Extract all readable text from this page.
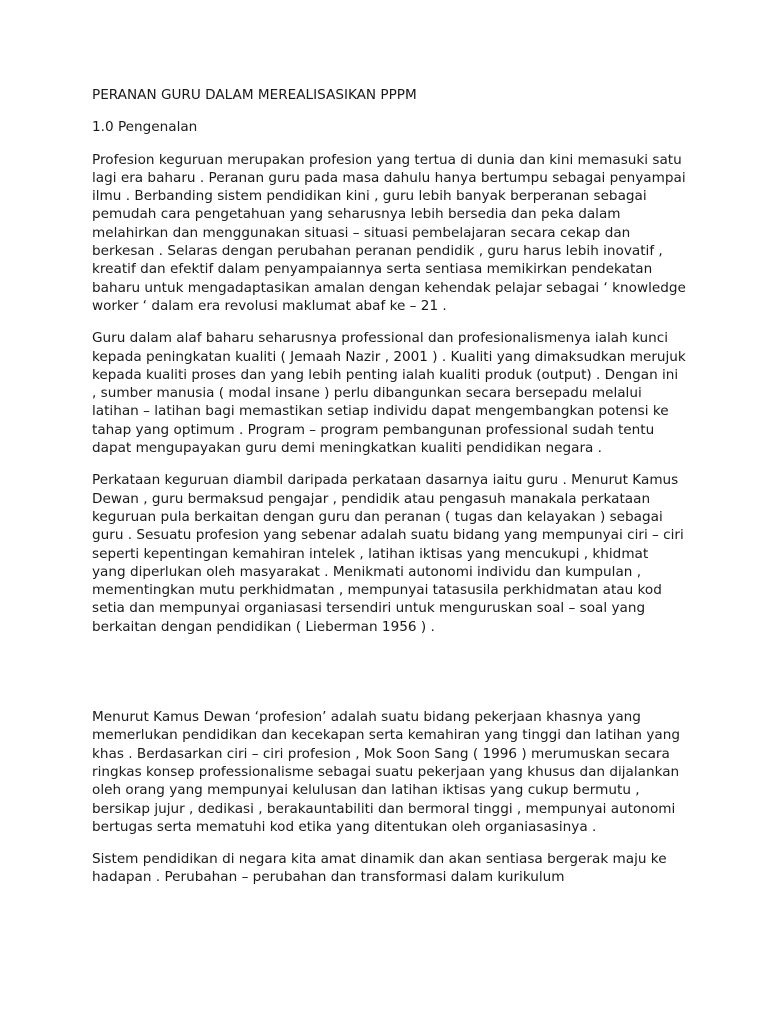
PERANAN GURU DALAM MEREALISASIKAN PPPM

1.0 Pengenalan

Profesion keguruan merupakan profesion yang tertua di dunia dan kini memasuki satu lagi era baharu . Peranan guru pada masa dahulu hanya bertumpu sebagai penyampai ilmu . Berbanding sistem pendidikan kini , guru lebih banyak berperanan sebagai pemudah cara pengetahuan yang seharusnya lebih bersedia dan peka dalam melahirkan dan menggunakan situasi – situasi pembelajaran secara cekap dan berkesan . Selaras dengan perubahan peranan pendidik , guru harus lebih inovatif , kreatif dan efektif dalam penyampaiannya serta sentiasa memikirkan pendekatan baharu untuk mengadaptasikan amalan dengan kehendak pelajar sebagai ‘ knowledge worker ‘ dalam era revolusi maklumat abaf ke – 21 .

Guru dalam alaf baharu seharusnya professional dan profesionalismenya ialah kunci kepada peningkatan kualiti ( Jemaah Nazir , 2001 ) . Kualiti yang dimaksudkan merujuk kepada kualiti proses dan yang lebih penting ialah kualiti produk (output) . Dengan ini , sumber manusia ( modal insane ) perlu dibangunkan secara bersepadu melalui latihan – latihan bagi memastikan setiap individu dapat mengembangkan potensi ke tahap yang optimum . Program – program pembangunan professional sudah tentu dapat mengupayakan guru demi meningkatkan kualiti pendidikan negara .

Perkataan keguruan diambil daripada perkataan dasarnya iaitu guru . Menurut Kamus Dewan , guru bermaksud pengajar , pendidik atau pengasuh manakala perkataan keguruan pula berkaitan dengan guru dan peranan ( tugas dan kelayakan ) sebagai guru . Sesuatu profesion yang sebenar adalah suatu bidang yang mempunyai ciri – ciri seperti kepentingan kemahiran intelek , latihan iktisas yang mencukupi , khidmat yang diperlukan oleh masyarakat . Menikmati autonomi individu dan kumpulan , mementingkan mutu perkhidmatan , mempunyai tatasusila perkhidmatan atau kod setia dan mempunyai organiasasi tersendiri untuk menguruskan soal – soal yang berkaitan dengan pendidikan ( Lieberman 1956 ) .

Menurut Kamus Dewan ‘profesion’ adalah suatu bidang pekerjaan khasnya yang memerlukan pendidikan dan kecekapan serta kemahiran yang tinggi dan latihan yang khas . Berdasarkan ciri – ciri profesion , Mok Soon Sang ( 1996 ) merumuskan secara ringkas konsep professionalisme sebagai suatu pekerjaan yang khusus dan dijalankan oleh orang yang mempunyai kelulusan dan latihan iktisas yang cukup bermutu , bersikap jujur , dedikasi , berakauntabiliti dan bermoral tinggi , mempunyai autonomi bertugas serta mematuhi kod etika yang ditentukan oleh organiasasinya .

Sistem pendidikan di negara kita amat dinamik dan akan sentiasa bergerak maju ke hadapan . Perubahan – perubahan dan transformasi dalam kurikulum
